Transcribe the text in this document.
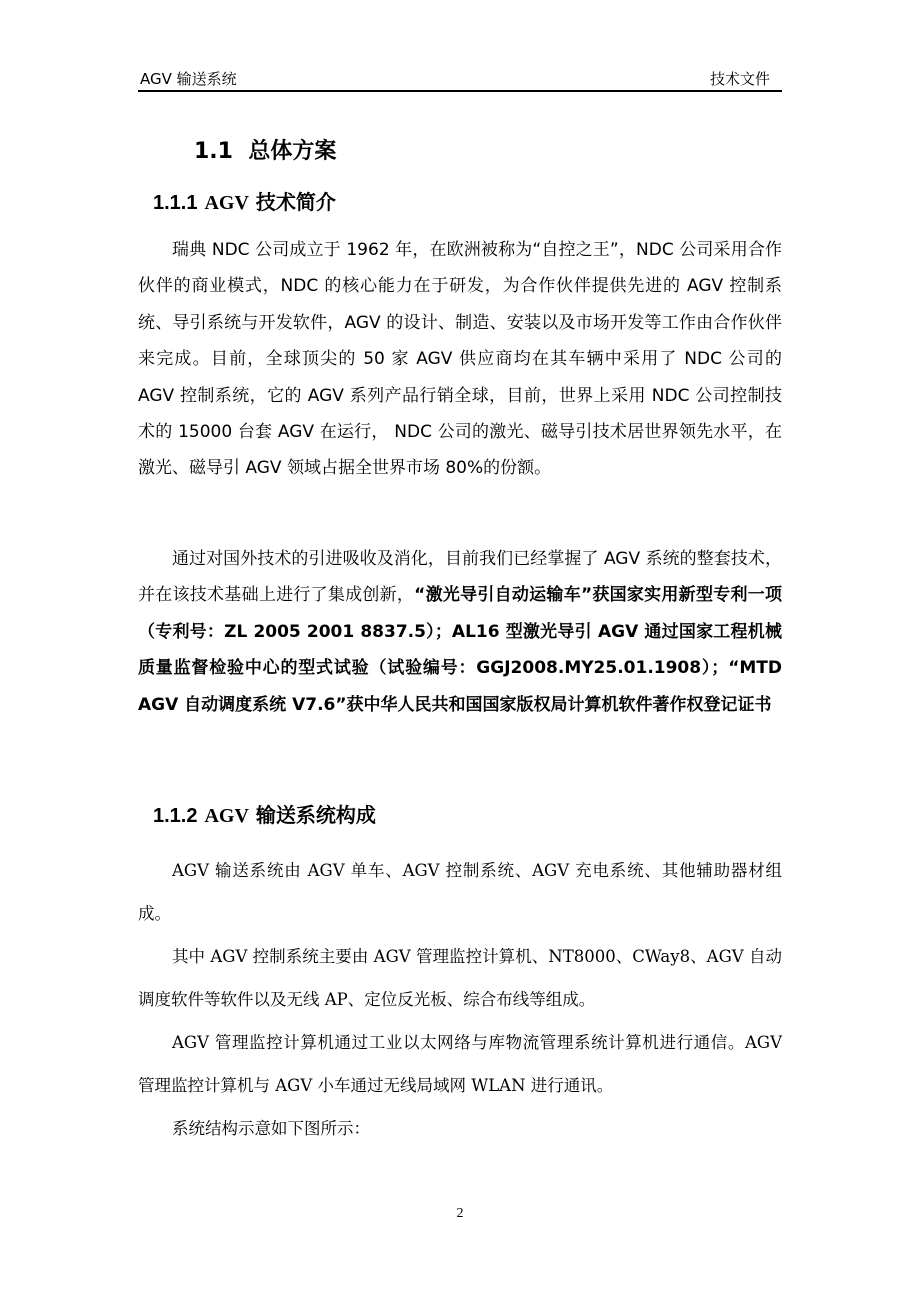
AGV 输送系统	技术文件
1.1 总体方案
1.1.1 AGV 技术简介

瑞典 NDC 公司成立于 1962 年，在欧洲被称为“自控之王”，NDC 公司采用合作伙伴的商业模式，NDC 的核心能力在于研发，为合作伙伴提供先进的 AGV 控制系统、导引系统与开发软件，AGV 的设计、制造、安装以及市场开发等工作由合作伙伴来完成。目前，全球顶尖的 50 家 AGV 供应商均在其车辆中采用了 NDC 公司的 AGV 控制系统，它的 AGV 系列产品行销全球，目前，世界上采用 NDC 公司控制技术的 15000 台套 AGV 在运行， NDC 公司的激光、磁导引技术居世界领先水平，在激光、磁导引 AGV 领域占据全世界市场 80%的份额。

通过对国外技术的引进吸收及消化，目前我们已经掌握了 AGV 系统的整套技术，并在该技术基础上进行了集成创新，“激光导引自动运输车”获国家实用新型专利一项（专利号：ZL 2005 2001 8837.5）；AL16 型激光导引 AGV 通过国家工程机械质量监督检验中心的型式试验（试验编号：GGJ2008.MY25.01.1908）；“MTD AGV 自动调度系统 V7.6”获中华人民共和国国家版权局计算机软件著作权登记证书

1.1.2 AGV 输送系统构成

AGV 输送系统由 AGV 单车、AGV 控制系统、AGV 充电系统、其他辅助器材组成。

其中 AGV 控制系统主要由 AGV 管理监控计算机、NT8000、CWay8、AGV 自动调度软件等软件以及无线 AP、定位反光板、综合布线等组成。

AGV 管理监控计算机通过工业以太网络与库物流管理系统计算机进行通信。AGV 管理监控计算机与 AGV 小车通过无线局域网 WLAN 进行通讯。

系统结构示意如下图所示：

2
